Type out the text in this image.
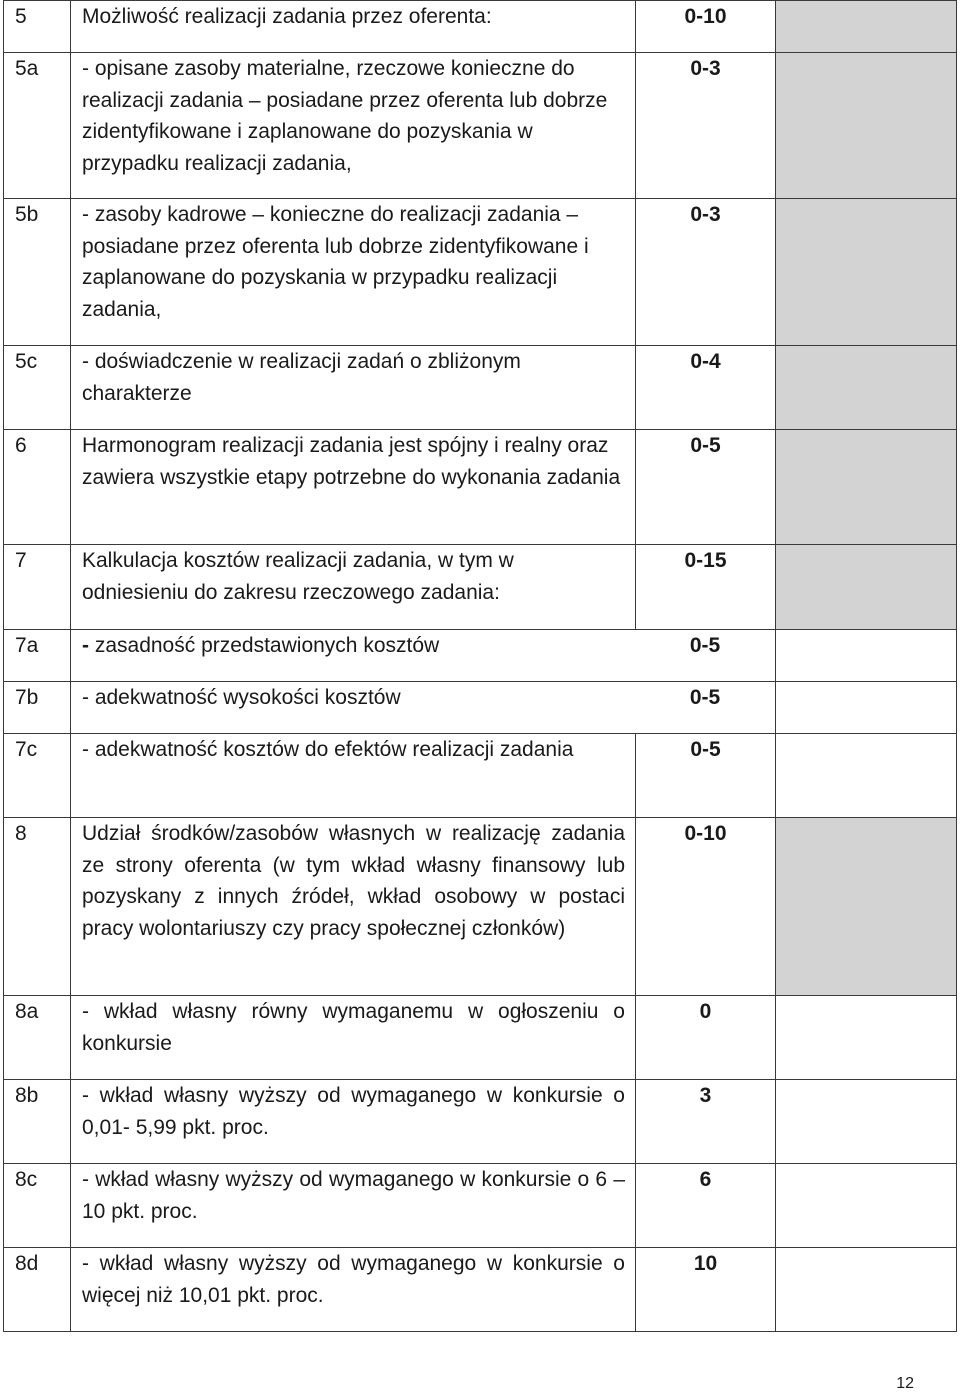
5	Możliwość realizacji zadania przez oferenta:	0-10	
5a	- opisane zasoby materialne, rzeczowe konieczne do realizacji zadania – posiadane przez oferenta lub dobrze zidentyfikowane i zaplanowane do pozyskania w przypadku realizacji zadania,	0-3	
5b	- zasoby kadrowe – konieczne do realizacji zadania – posiadane przez oferenta lub dobrze zidentyfikowane i zaplanowane do pozyskania w przypadku realizacji zadania,	0-3	
5c	- doświadczenie w realizacji zadań o zbliżonym charakterze	0-4	
6	Harmonogram realizacji zadania jest spójny i realny oraz zawiera wszystkie etapy potrzebne do wykonania zadania	0-5	
7	Kalkulacja kosztów realizacji zadania, w tym w odniesieniu do zakresu rzeczowego zadania:	0-15	
7a	- zasadność przedstawionych kosztów 0-5		

7b	- adekwatność wysokości kosztów 0-5		

7c	- adekwatność kosztów do efektów realizacji zadania	0-5	
8	Udział środków/zasobów własnych w realizację zadania ze strony oferenta (w tym wkład własny finansowy lub pozyskany z innych źródeł, wkład osobowy w postaci pracy wolontariuszy czy pracy społecznej członków)	0-10	
8a	- wkład własny równy wymaganemu w ogłoszeniu o konkursie	0	
8b	- wkład własny wyższy od wymaganego w konkursie o 0,01- 5,99 pkt. proc.	3	
8c	- wkład własny wyższy od wymaganego w konkursie o 6 – 10 pkt. proc.	6	
8d	- wkład własny wyższy od wymaganego w konkursie o więcej niż 10,01 pkt. proc.	10	
12
